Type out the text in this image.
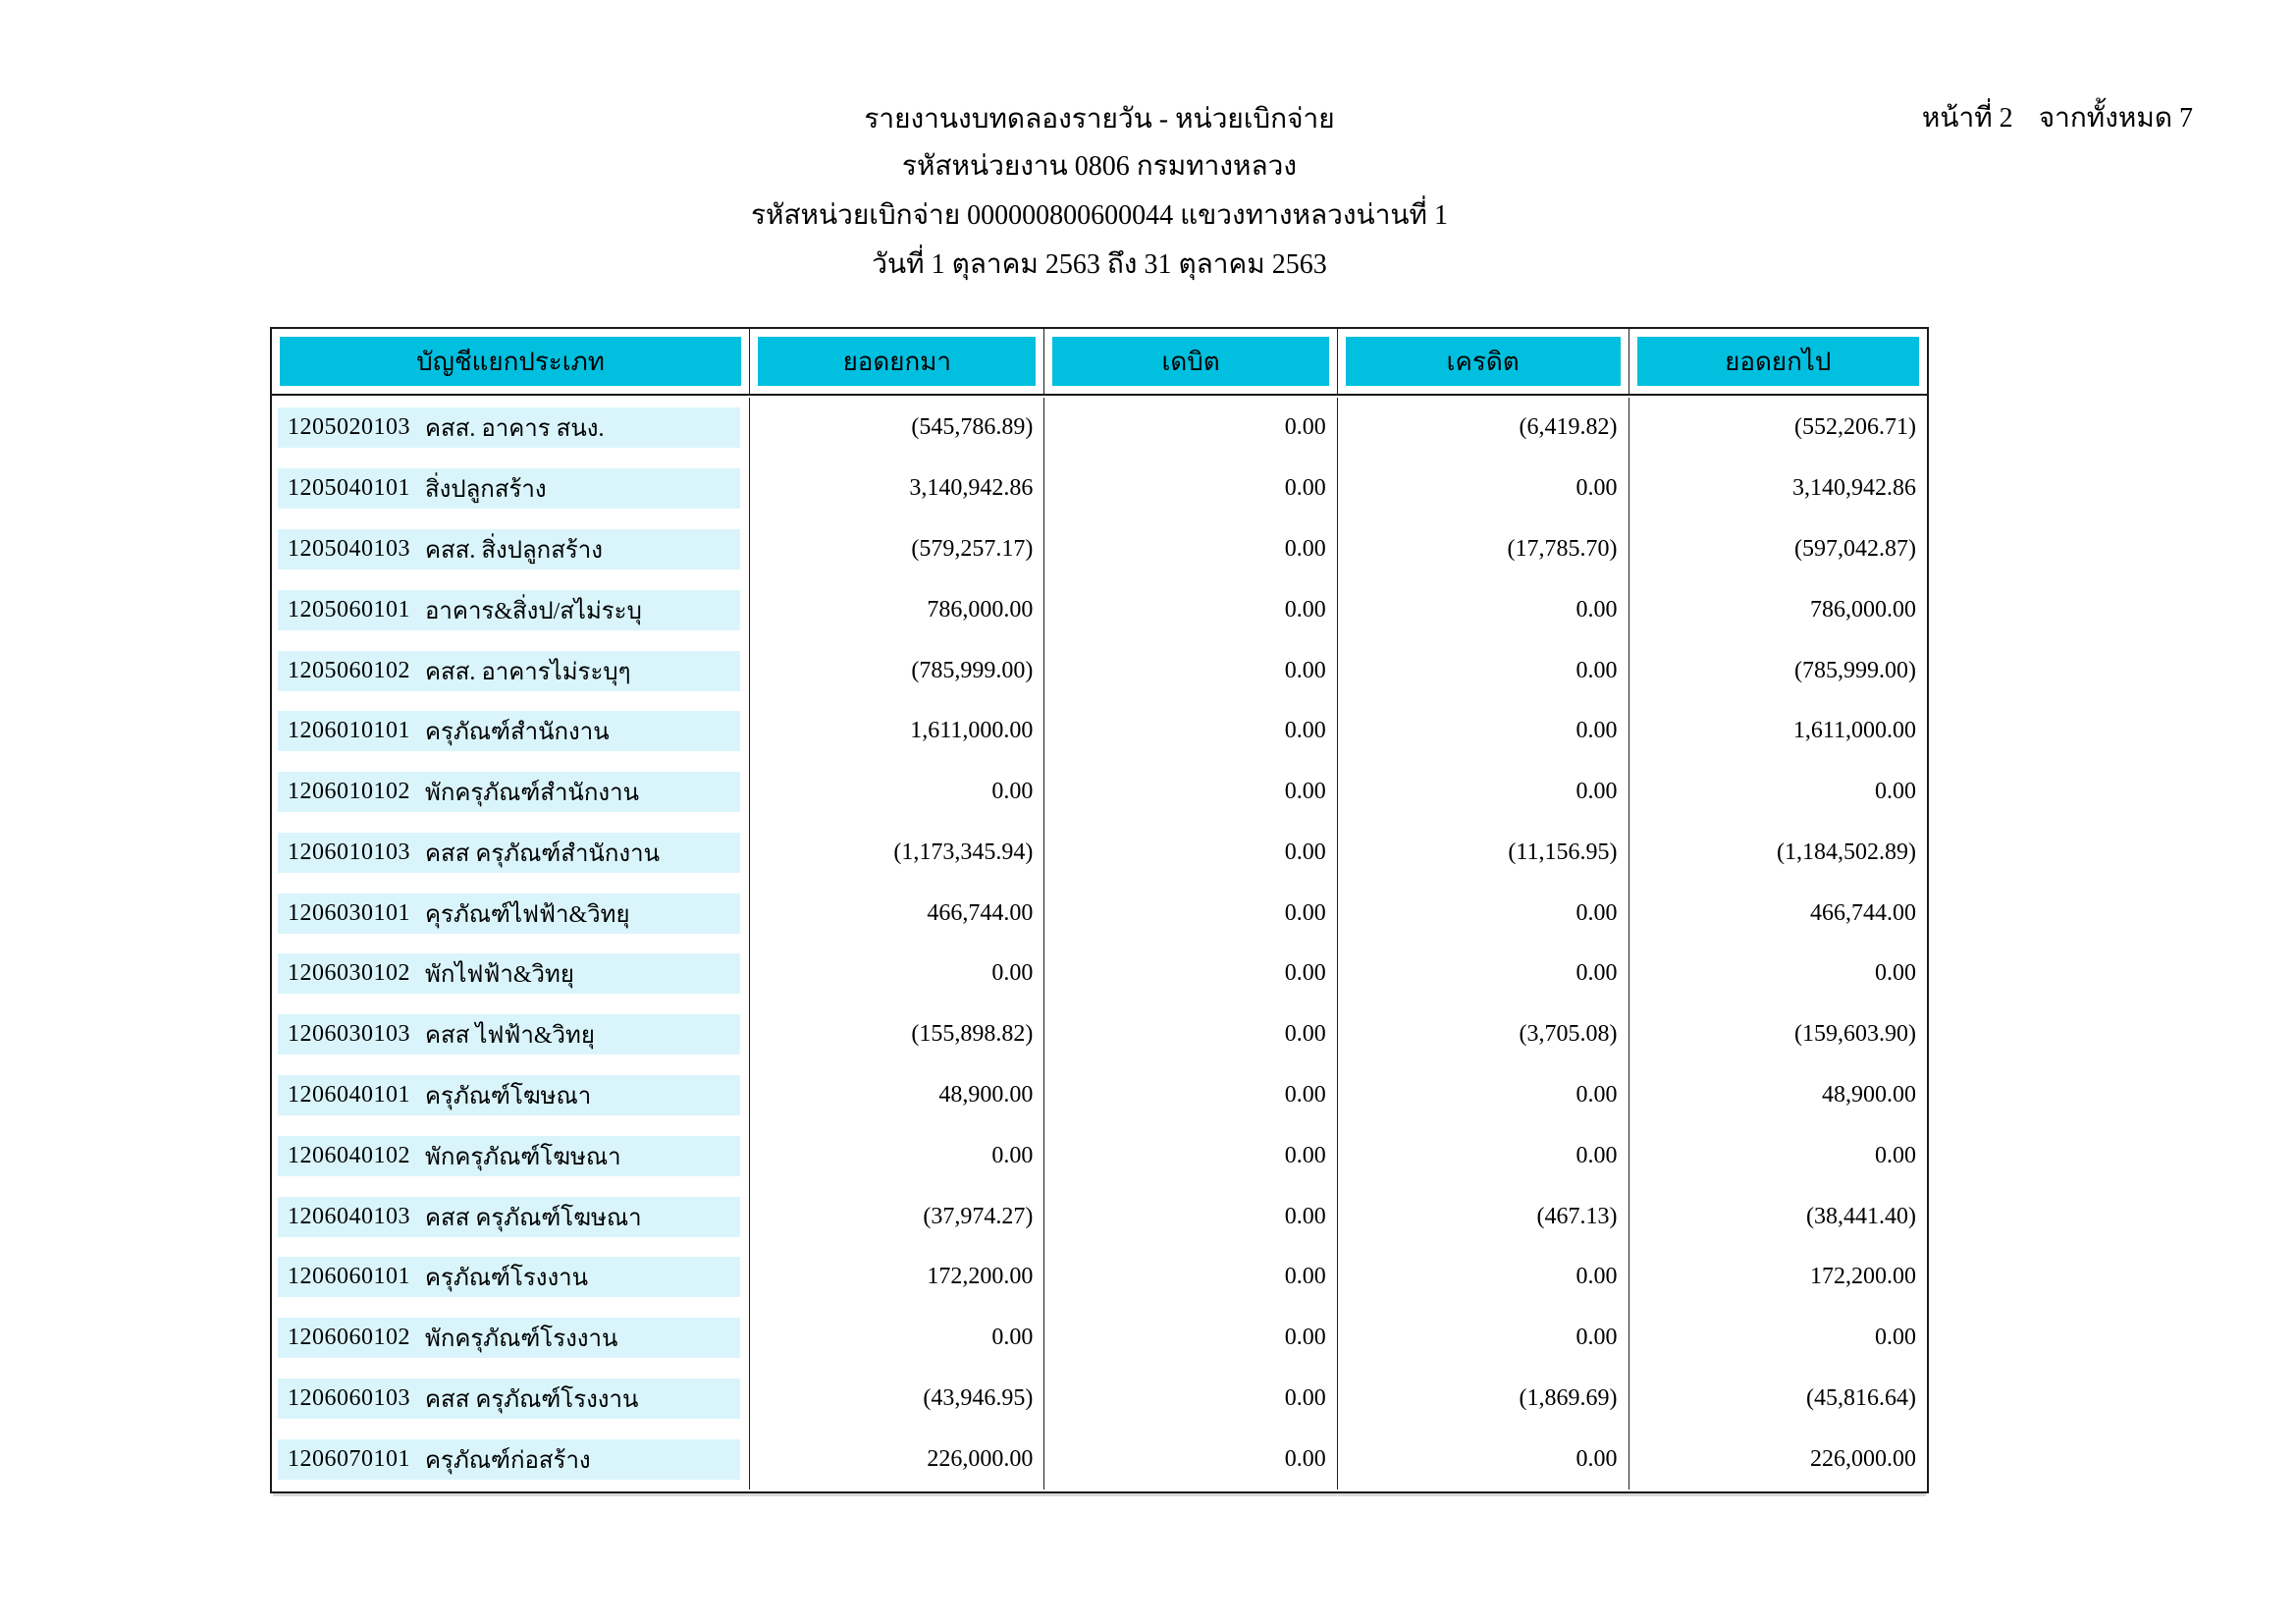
หน้าที่ 2 จากทั้งหมด 7
รายงานงบทดลองรายวัน - หน่วยเบิกจ่าย
รหัสหน่วยงาน 0806 กรมทางหลวง
รหัสหน่วยเบิกจ่าย 000000800600044 แขวงทางหลวงน่านที่ 1
วันที่ 1 ตุลาคม 2563 ถึง 31 ตุลาคม 2563
บัญชีแยกประเภท	ยอดยกมา	เดบิต	เครดิต	ยอดยกไป
1205020103 คสส. อาคาร สนง.	(545,786.89)	0.00	(6,419.82)	(552,206.71)
1205040101 สิ่งปลูกสร้าง	3,140,942.86	0.00	0.00	3,140,942.86
1205040103 คสส. สิ่งปลูกสร้าง	(579,257.17)	0.00	(17,785.70)	(597,042.87)
1205060101 อาคาร&สิ่งป/สไม่ระบุ	786,000.00	0.00	0.00	786,000.00
1205060102 คสส. อาคารไม่ระบุๆ	(785,999.00)	0.00	0.00	(785,999.00)
1206010101 ครุภัณฑ์สำนักงาน	1,611,000.00	0.00	0.00	1,611,000.00
1206010102 พักครุภัณฑ์สำนักงาน	0.00	0.00	0.00	0.00
1206010103 คสส ครุภัณฑ์สำนักงาน	(1,173,345.94)	0.00	(11,156.95)	(1,184,502.89)
1206030101 คุรภัณฑ์ไฟฟ้า&วิทยุ	466,744.00	0.00	0.00	466,744.00
1206030102 พักไฟฟ้า&วิทยุ	0.00	0.00	0.00	0.00
1206030103 คสส ไฟฟ้า&วิทยุ	(155,898.82)	0.00	(3,705.08)	(159,603.90)
1206040101 ครุภัณฑ์โฆษณา	48,900.00	0.00	0.00	48,900.00
1206040102 พักครุภัณฑ์โฆษณา	0.00	0.00	0.00	0.00
1206040103 คสส ครุภัณฑ์โฆษณา	(37,974.27)	0.00	(467.13)	(38,441.40)
1206060101 ครุภัณฑ์โรงงาน	172,200.00	0.00	0.00	172,200.00
1206060102 พักครุภัณฑ์โรงงาน	0.00	0.00	0.00	0.00
1206060103 คสส ครุภัณฑ์โรงงาน	(43,946.95)	0.00	(1,869.69)	(45,816.64)
1206070101 ครุภัณฑ์ก่อสร้าง	226,000.00	0.00	0.00	226,000.00
